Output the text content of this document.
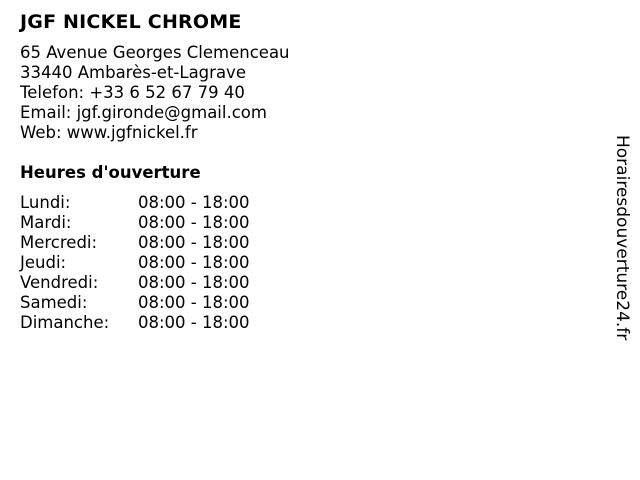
JGF NICKEL CHROME
65 Avenue Georges Clemenceau
33440 Ambarès-et-Lagrave
Telefon: +33 6 52 67 79 40
Email: jgf.gironde@gmail.com
Web: www.jgfnickel.fr
Heures d'ouverture
Lundi:	08:00 - 18:00
Mardi:	08:00 - 18:00
Mercredi: 08:00 - 18:00
Jeudi:	08:00 - 18:00
Vendredi: 08:00 - 18:00
Samedi:	08:00 - 18:00
Dimanche: 08:00 - 18:00	Horairesdouverture24.fr
